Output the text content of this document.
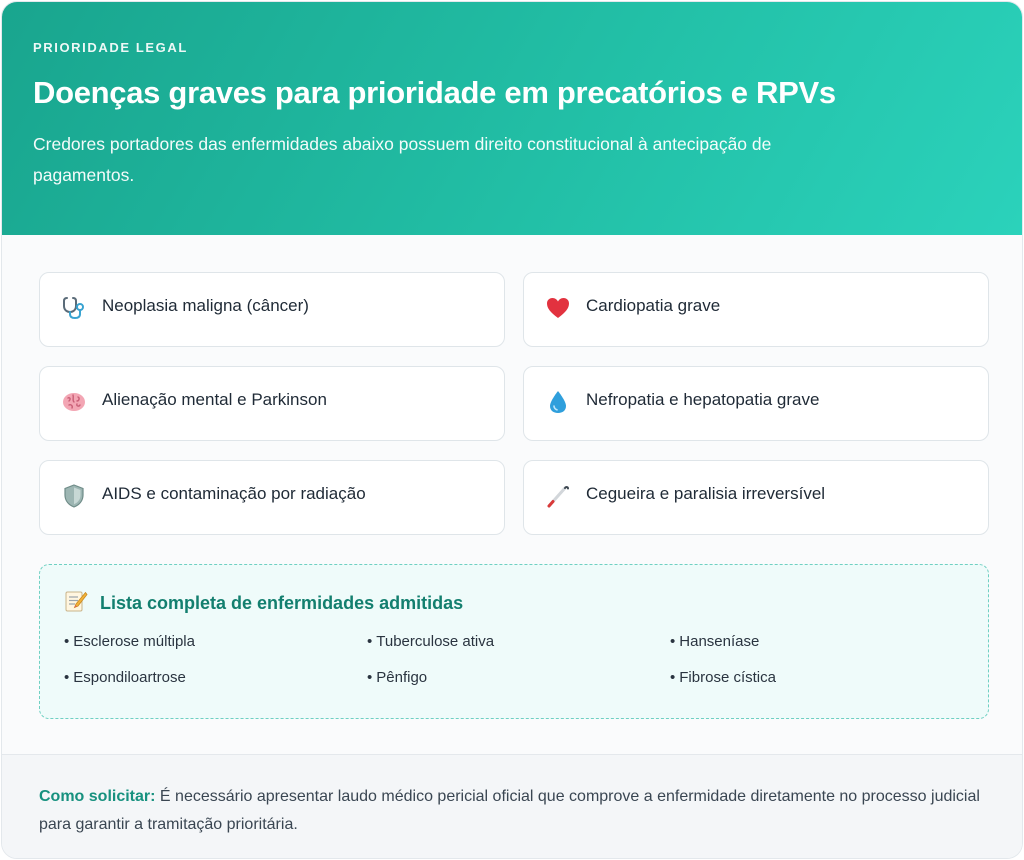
PRIORIDADE LEGAL
Doenças graves para prioridade em precatórios e RPVs
Credores portadores das enfermidades abaixo possuem direito constitucional à antecipação de pagamentos.
Neoplasia maligna (câncer)	Cardiopatia grave
Alienação mental e Parkinson	Nefropatia e hepatopatia grave
AIDS e contaminação por radiação	Cegueira e paralisia irreversível
Lista completa de enfermidades admitidas
• Esclerose múltipla	• Tuberculose ativa	• Hanseníase
• Espondiloartrose	• Pênfigo	• Fibrose cística
Como solicitar: É necessário apresentar laudo médico pericial oficial que comprove a enfermidade diretamente no processo judicial para garantir a tramitação prioritária.
